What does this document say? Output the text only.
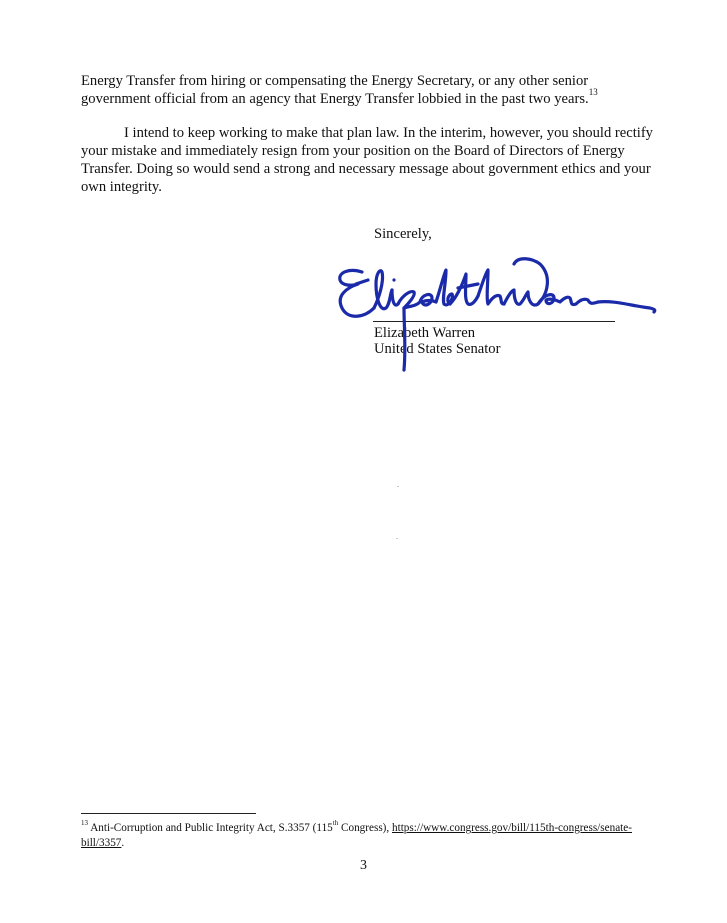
Energy Transfer from hiring or compensating the Energy Secretary, or any other senior government official from an agency that Energy Transfer lobbied in the past two years.$^{13}$

I intend to keep working to make that plan law. In the interim, however, you should rectify your mistake and immediately resign from your position on the Board of Directors of Energy Transfer. Doing so would send a strong and necessary message about government ethics and your own integrity.

Sincerely,
Elizabeth Warren
United States Senator
$^{13}$ Anti-Corruption and Public Integrity Act, S.3357 (115th Congress), https://www.congress.gov/bill/115th-congress/senate-bill/3357.
3
